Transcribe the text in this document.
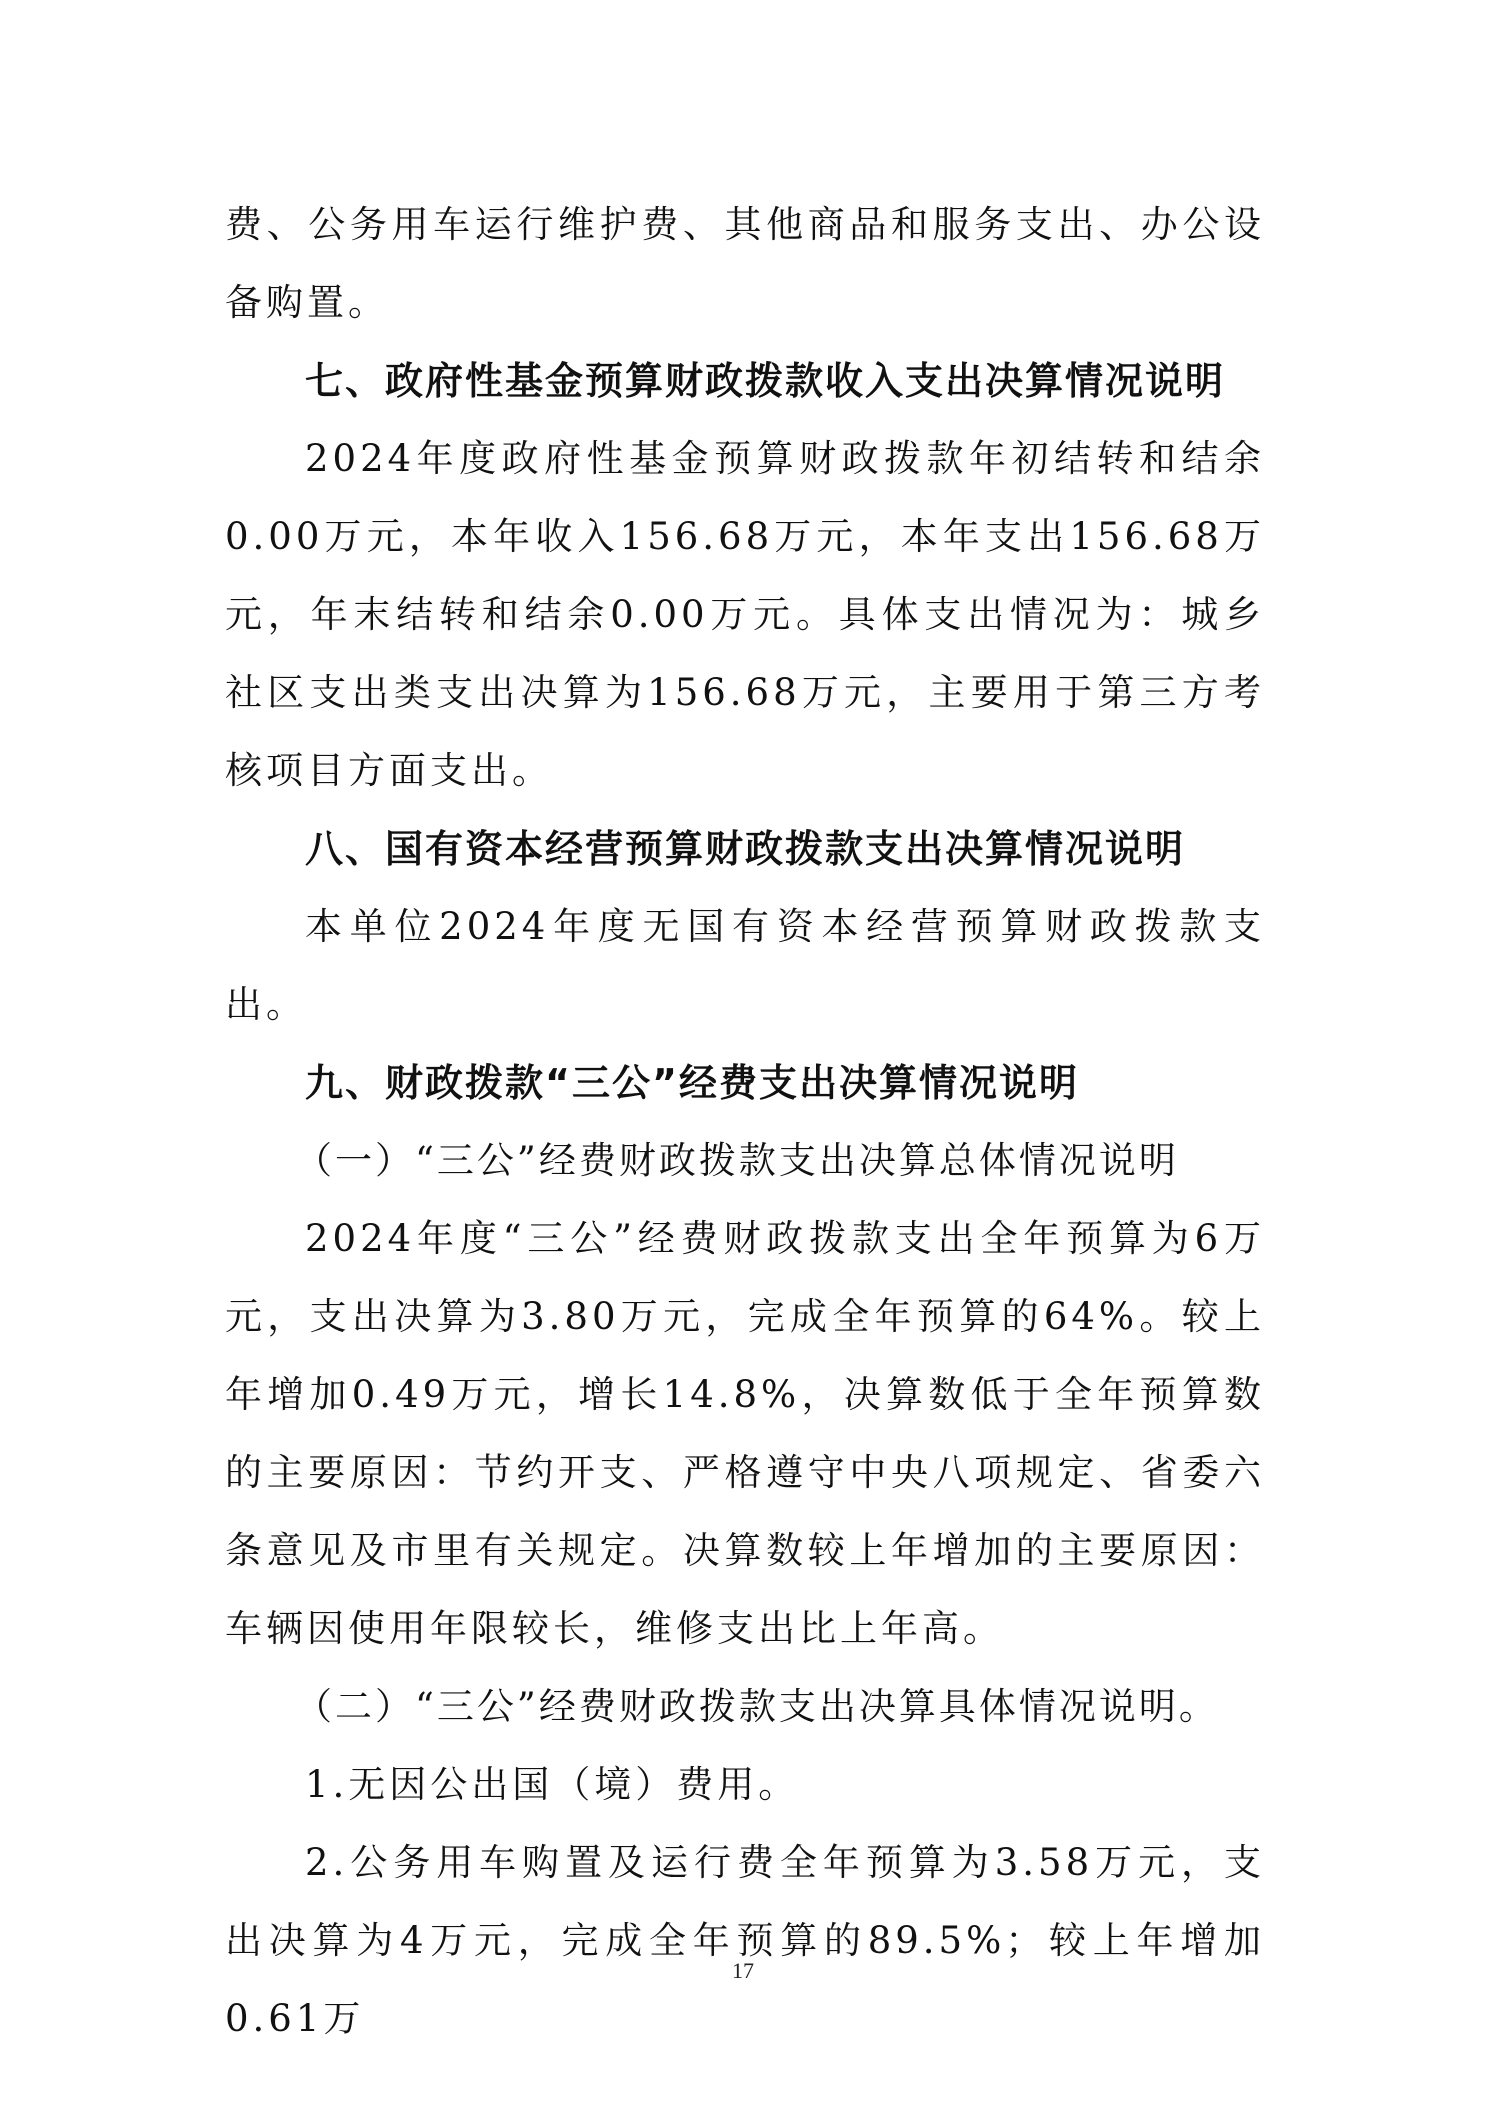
费、公务用车运行维护费、其他商品和服务支出、办公设备购置。

七、政府性基金预算财政拨款收入支出决算情况说明

2024年度政府性基金预算财政拨款年初结转和结余0.00万元，本年收入156.68万元，本年支出156.68万元，年末结转和结余0.00万元。具体支出情况为：城乡社区支出类支出决算为156.68万元，主要用于第三方考核项目方面支出。

八、国有资本经营预算财政拨款支出决算情况说明

本单位2024年度无国有资本经营预算财政拨款支出。

九、财政拨款“三公”经费支出决算情况说明

（一）“三公”经费财政拨款支出决算总体情况说明

2024年度“三公”经费财政拨款支出全年预算为6万元，支出决算为3.80万元，完成全年预算的64%。较上年增加0.49万元，增长14.8%，决算数低于全年预算数的主要原因：节约开支、严格遵守中央八项规定、省委六条意见及市里有关规定。决算数较上年增加的主要原因：车辆因使用年限较长，维修支出比上年高。

（二）“三公”经费财政拨款支出决算具体情况说明。

1.无因公出国（境）费用。

2.公务用车购置及运行费全年预算为3.58万元，支出决算为4万元，完成全年预算的89.5%；较上年增加0.61万

17
